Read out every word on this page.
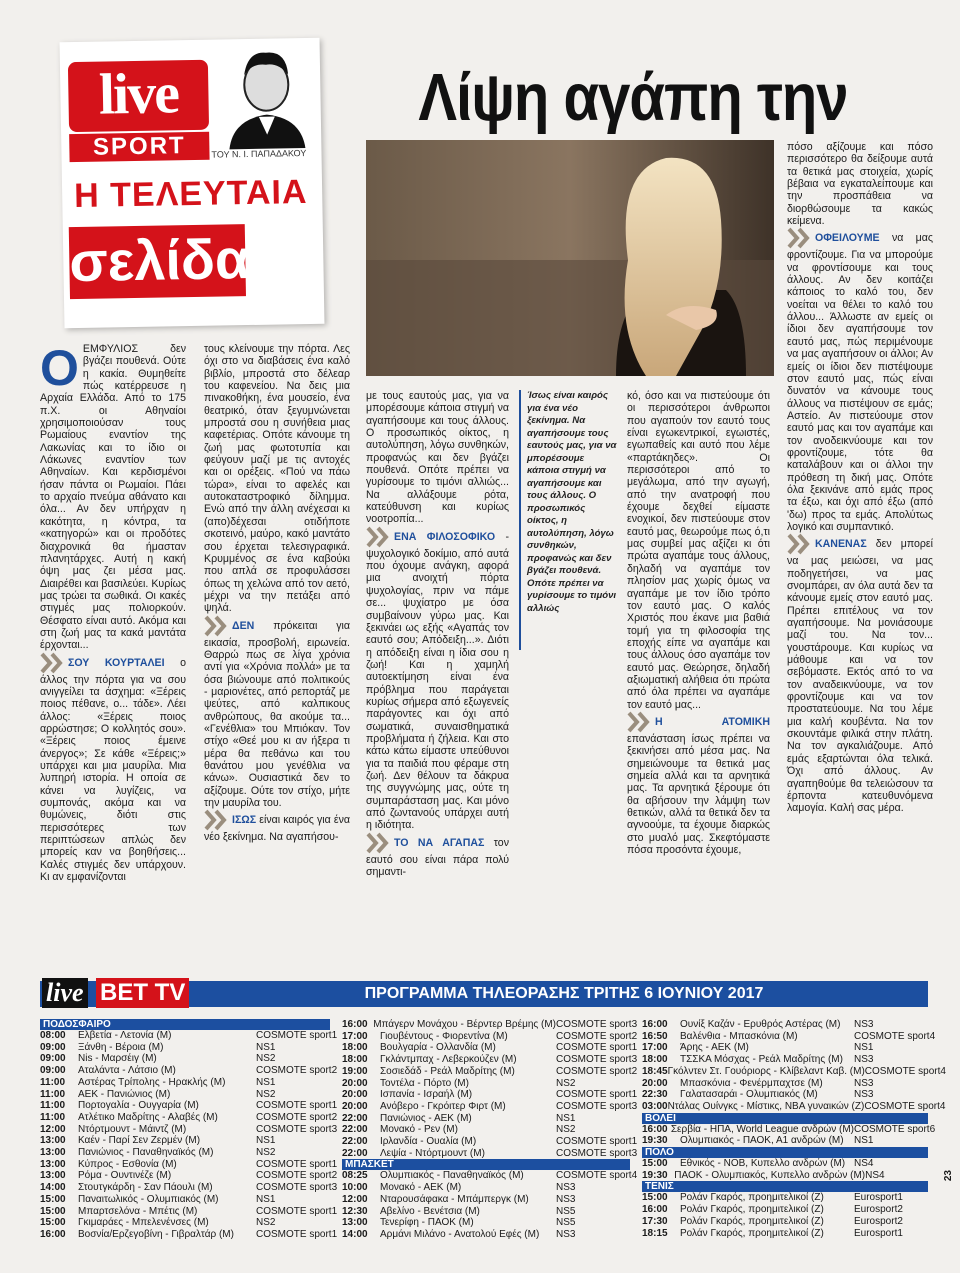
live
SPORT	ΤΟΥ Ν. Ι. ΠΑΠΑΔΑΚΟΥ
Η ΤΕΛΕΥΤΑΙΑ
σελίδα
Λίψη αγάπη την

ΟΕΜΦΥΛΙΟΣ δεν βγάζει πουθενά. Ούτε η κακία. Θυμηθείτε πώς κατέρρευσε η Αρχαία Ελλάδα. Από το 175 π.Χ. οι Αθηναίοι χρησιμοποιούσαν τους Ρωμαίους εναντίον της Λακωνίας και το ίδιο οι Λάκωνες εναντίον των Αθηναίων. Και κερδισμένοι ήσαν πάντα οι Ρωμαίοι. Πάει το αρχαίο πνεύμα αθάνατο και όλα... Αν δεν υπήρχαν η κακότητα, η κόντρα, τα «κατηγορώ» και οι προδότες διαχρονικά θα ήμασταν πλανητάρχες. Αυτή η κακή όψη μας ζει μέσα μας. Διαιρέθει και βασιλεύει. Κυρίως μας τρώει τα σωθικά. Οι κακές στιγμές μας πολιορκούν. Θέσφατο είναι αυτό. Ακόμα και στη ζωή μας τα κακά μαντάτα έρχονται...

ΣΟΥ ΚΟΥΡΤΑΛΕΙ ο άλλος την πόρτα για να σου ανιγγείλει τα άσχημα: «Ξέρεις ποιος πέθανε, ο... τάδε». Λέει άλλος: «Ξέρεις ποιος αρρώστησε; Ο κολλητός σου». «Ξέρεις ποιος έμεινε άνεργος»; Σε κάθε «Ξέρεις;» υπάρχει και μια μαυρίλα. Μια λυπηρή ιστορία. Η οποία σε κάνει να λυγίζεις, να συμπονάς, ακόμα και να θυμώνεις, διότι στις περισσότερες των περιπτώσεων απλώς δεν μπορείς καν να βοηθήσεις... Καλές στιγμές δεν υπάρχουν. Κι αν εμφανίζονται

τους κλείνουμε την πόρτα. Λες όχι στο να διαβάσεις ένα καλό βιβλίο, μπροστά στο δέλεαρ του καφενείου. Να δεις μια πινακοθήκη, ένα μουσείο, ένα θεατρικό, όταν ξεγυμνώνεται μπροστά σου η συνήθεια μιας καφετέριας. Οπότε κάνουμε τη ζωή μας φωτοτυπία και φεύγουν μαζί με τις αντοχές και οι ορέξεις. «Πού να πάω τώρα», είναι το αφελές και αυτοκαταστροφικό δίλημμα. Ενώ από την άλλη ανέχεσαι κι (απο)δέχεσαι οτιδήποτε σκοτεινό, μαύρο, κακό μαντάτο σου έρχεται τελεσιγραφικά. Κρυμμένος σε ένα καβούκι που απλά σε προφυλάσσει όπως τη χελώνα από τον αετό, μέχρι να την πετάξει από ψηλά.

ΔΕΝ πρόκειται για εικασία, προσβολή, ειρωνεία. Θαρρώ πως σε λίγα χρόνια αντί για «Χρόνια πολλά» με τα όσα βιώνουμε από πολιτικούς - μαριονέτες, από ρεπορτάζ με ψεύτες, από καλπικους ανθρώπους, θα ακούμε τα... «Γενέθλια» του Μπιόκαν. Τον στίχο «Θεέ μου κι αν ήξερα τι μέρα θα πεθάνω και του θανάτου μου γενέθλια να κάνω». Ουσιαστικά δεν το αξίζουμε. Ούτε τον στίχο, μήτε την μαυρίλα του.

ΙΣΩΣ είναι καιρός για ένα νέο ξεκίνημα. Να αγαπήσου-

με τους εαυτούς μας, για να μπορέσουμε κάποια στιγμή να αγαπήσουμε και τους άλλους. Ο προσωπικός οίκτος, η αυτολύπηση, λόγω συνθηκών, προφανώς και δεν βγάζει πουθενά. Οπότε πρέπει να γυρίσουμε το τιμόνι αλλιώς... Να αλλάξουμε ρότα, κατεύθυνση και κυρίως νοοτροπία...

ΕΝΑ ΦΙΛΟΣΟΦΙΚΟ - ψυχολογικό δοκίμιο, από αυτά που όχουμε ανάγκη, αφορά μια ανοιχτή πόρτα ψυχολογίας, πριν να πάμε σε... ψυχίατρο με όσα συμβαίνουν γύρω μας. Και ξεκινάει ως εξής «Αγαπάς τον εαυτό σου; Απόδειξη...». Διότι η απόδειξη είναι η ίδια σου η ζωή! Και η χαμηλή αυτοεκτίμηση είναι ένα πρόβλημα που παράγεται κυρίως σήμερα από εξωγενείς παράγοντες και όχι από σωματικά, συναισθηματικά προβλήματα ή ζήλεια. Και στο κάτω κάτω είμαστε υπεύθυνοι για τα παιδιά που φέραμε στη ζωή. Δεν θέλουν τα δάκρυα της συγγνώμης μας, ούτε τη συμπαράσταση μας. Και μόνο από ζωντανούς υπάρχει αυτή η ιδιότητα.

ΤΟ ΝΑ ΑΓΑΠΑΣ τον εαυτό σου είναι πάρα πολύ σημαντι-

Ίσως είναι καιρός για ένα νέο ξεκίνημα. Να αγαπήσουμε τους εαυτούς μας, για να μπορέσουμε κάποια στιγμή να αγαπήσουμε και τους άλλους. Ο προσωπικός οίκτος, η αυτολύπηση, λόγω συνθηκών, προφανώς και δεν βγάζει πουθενά. Οπότε πρέπει να γυρίσουμε το τιμόνι αλλιώς

κό, όσο και να πιστεύουμε ότι οι περισσότεροι άνθρωποι που αγαπούν τον εαυτό τους είναι εγωκεντρικοί, εγωιστές, εγωπαθείς και αυτό που λέμε «παρτάκηδες». Οι περισσότεροι από το μεγάλωμα, από την αγωγή, από την ανατροφή που έχουμε δεχθεί είμαστε ενοχικοί, δεν πιστεύουμε στον εαυτό μας, θεωρούμε πως ό,τι μας συμβεί μας αξίζει κι ότι πρώτα αγαπάμε τους άλλους, δηλαδή να αγαπάμε τον πλησίον μας χωρίς όμως να αγαπάμε με τον ίδιο τρόπο τον εαυτό μας. Ο καλός Χριστός που έκανε μια βαθιά τομή για τη φιλοσοφία της εποχής είπε να αγαπάμε και τους άλλους όσο αγαπάμε τον εαυτό μας. Θεώρησε, δηλαδή αξιωματική αλήθεια ότι πρώτα από όλα πρέπει να αγαπάμε τον εαυτό μας...

Η ΑΤΟΜΙΚΗ επανάσταση ίσως πρέπει να ξεκινήσει από μέσα μας. Να σημειώνουμε τα θετικά μας σημεία αλλά και τα αρνητικά μας. Τα αρνητικά ξέρουμε ότι θα αβήσουν την λάμψη των θετικών, αλλά τα θετικά δεν τα αγνοούμε, τα έχουμε διαρκώς στο μυαλό μας. Σκεφτόμαστε πόσα προσόντα έχουμε,

πόσο αξίζουμε και πόσο περισσότερο θα δείξουμε αυτά τα θετικά μας στοιχεία, χωρίς βέβαια να εγκαταλείπουμε και την προσπάθεια να διορθώσουμε τα κακώς κείμενα.

ΟΦΕΙΛΟΥΜΕ να μας φροντίζουμε. Για να μπορούμε να φροντίσουμε και τους άλλους. Αν δεν κοιτάζει κάποιος το καλό του, δεν νοείται να θέλει το καλό του άλλου... Άλλωστε αν εμείς οι ίδιοι δεν αγαπήσουμε τον εαυτό μας, πώς περιμένουμε να μας αγαπήσουν οι άλλοι; Αν εμείς οι ίδιοι δεν πιστέψουμε στον εαυτό μας, πώς είναι δυνατόν να κάνουμε τους άλλους να πιστέψουν σε εμάς; Αστείο. Αν πιστεύουμε στον εαυτό μας και τον αγαπάμε και τον ανοδεικνύουμε και τον φροντίζουμε, τότε θα καταλάβουν και οι άλλοι την πρόθεση τη δική μας. Οπότε όλα ξεκινάνε από εμάς προς τα έξω, και όχι από έξω (από 'δω) προς τα εμάς. Απολύτως λογικό και συμπαντικό.

ΚΑΝΕΝΑΣ δεν μπορεί να μας μειώσει, να μας ποδηγετήσει, να μας σνομπάρει, αν όλα αυτά δεν τα κάνουμε εμείς στον εαυτό μας. Πρέπει επιτέλους να τον αγαπήσουμε. Να μονιάσουμε μαζί του. Να τον... γουστάρουμε. Και κυρίως να μάθουμε και να τον σεβόμαστε. Εκτός από το να τον αναδεικνύουμε, να τον φροντίζουμε και να τον προστατεύουμε. Να του λέμε μια καλή κουβέντα. Να τον σκουντάμε φιλικά στην πλάτη. Να τον αγκαλιάζουμε. Από εμάς εξαρτώνται όλα τελικά. Όχι από άλλους. Αν αγαπηθούμε θα τελειώσουν τα έρποντα κατευθυνόμενα λαμογία. Καλή σας μέρα.

live BET TV	ΠΡΟΓΡΑΜΜΑ ΤΗΛΕΟΡΑΣΗΣ ΤΡΙΤΗΣ 6 ΙΟΥΝΙΟΥ 2017
ΠΟΔΟΣΦΑΙΡΟ
08:00	Ελβετία - Λετονία (Μ)	COSMOTE sport1
09:00	Ξάνθη - Βέροια (Μ)	NS1
09:00	Nis - Μαρσέιγ (Μ)	NS2
09:00	Αταλάντα - Λάτσιο (Μ)	COSMOTE sport2
11:00	Αστέρας Τρίπολης - Ηρακλής (Μ)	NS1
11:00	ΑΕΚ - Πανιώνιος (Μ)	NS2
11:00	Πορτογαλία - Ουγγαρία (Μ)	COSMOTE sport1
11:00	Ατλέτικο Μαδρίτης - Αλαβές (Μ)	COSMOTE sport2
12:00	Ντόρτμουντ - Μάιντζ (Μ)	COSMOTE sport3
13:00	Καέν - Παρί Σεν Ζερμέν (Μ)	NS1
13:00	Πανιώνιος - Παναθηναϊκός (Μ)	NS2
13:00	Κύπρος - Εσθονία (Μ)	COSMOTE sport1
13:00	Ρόμα - Ουντινέζε (Μ)	COSMOTE sport2
14:00	Στουτγκάρδη - Σαν Πάουλι (Μ)	COSMOTE sport3
15:00	Παναιτωλικός - Ολυμπιακός (Μ)	NS1
15:00	Μπαρτσελόνα - Μπέτις (Μ)	COSMOTE sport1
15:00	Γκιμαράες - Μπελενένσες (Μ)	NS2
16:00	Βοσνία/Ερζεγοβίνη - Γιβραλτάρ (Μ)	COSMOTE sport1
16:00 Μπάγερν Μονάχου - Βέρντερ Βρέμης (Μ) COSMOTE sport3
17:00	Γιουβέντους - Φιορεντίνα (Μ)	COSMOTE sport2
18:00	Βουλγαρία - Ολλανδία (Μ)	COSMOTE sport1
18:00	Γκλάντμπαχ - Λεβερκούζεν (Μ)	COSMOTE sport3
19:00	Σοσιεδάδ - Ρεάλ Μαδρίτης (Μ)	COSMOTE sport2
20:00	Τοντέλα - Πόρτο (Μ)	NS2
20:00	Ισπανία - Ισραήλ (Μ)	COSMOTE sport1
20:00	Ανόβερο - Γκρόιτερ Φιρτ (Μ)	COSMOTE sport3
22:00	Πανιώνιος - ΑΕΚ (Μ)	NS1
22:00	Μονακό - Ρεν (Μ)	NS2
22:00	Ιρλανδία - Ουαλία (Μ)	COSMOTE sport1
22:00	Λεψία - Ντόρτμουντ (Μ)	COSMOTE sport3
ΜΠΑΣΚΕΤ
08:25	Ολυμπιακός - Παναθηναϊκός (Μ)	COSMOTE sport4
10:00	Μονακό - ΑΕΚ (Μ)	NS3
12:00	Νταρουσάφακα - Μπάμπεργκ (Μ)	NS3
12:30	Αβελίνο - Βενέτσια (Μ)	NS5
13:00	Τενερίφη - ΠΑΟΚ (Μ)	NS5
14:00	Αρμάνι Μιλάνο - Ανατολού Εφές (Μ)	NS3
16:00	Ουνίξ Καζάν - Ερυθρός Αστέρας (Μ)	NS3
16:50	Βαλένθια - Μπασκόνια (Μ)	COSMOTE sport4
17:00	Άρης - ΑΕΚ (Μ)	NS1
18:00	ΤΣΣΚΑ Μόσχας - Ρεάλ Μαδρίτης (Μ)	NS3
18:45 Γκόλντεν Στ. Γουόριορς - Κλίβελαντ Καβ. (Μ) COSMOTE sport4
20:00	Μπασκόνια - Φενέρμπαχτσε (Μ)	NS3
22:30	Γαλατασαράι - Ολυμπιακός (Μ)	NS3
03:00 Ντάλας Ουίνγκς - Μίστικς, NBA γυναικών (Ζ) COSMOTE sport4
ΒΟΛΕΙ
16:00 Σερβία - ΗΠΑ, World League ανδρών (Μ) COSMOTE sport6
19:30	Ολυμπιακός - ΠΑΟΚ, Α1 ανδρών (Μ)	NS1
ΠΟΛΟ
15:00	Εθνικός - ΝΟΒ, Κυπελλο ανδρών (Μ) NS4
19:30 ΠΑΟΚ - Ολυμπιακός, Κυπελλο ανδρών (Μ) NS4
ΤΕΝΙΣ
15:00	Ρολάν Γκαρός, προημιτελικοί (Ζ)	Eurosport1
16:00	Ρολάν Γκαρός, προημιτελικοί (Ζ)	Eurosport2
17:30	Ρολάν Γκαρός, προημιτελικοί (Ζ)	Eurosport2
18:15	Ρολάν Γκαρός, προημιτελικοί (Ζ)	Eurosport1
23
